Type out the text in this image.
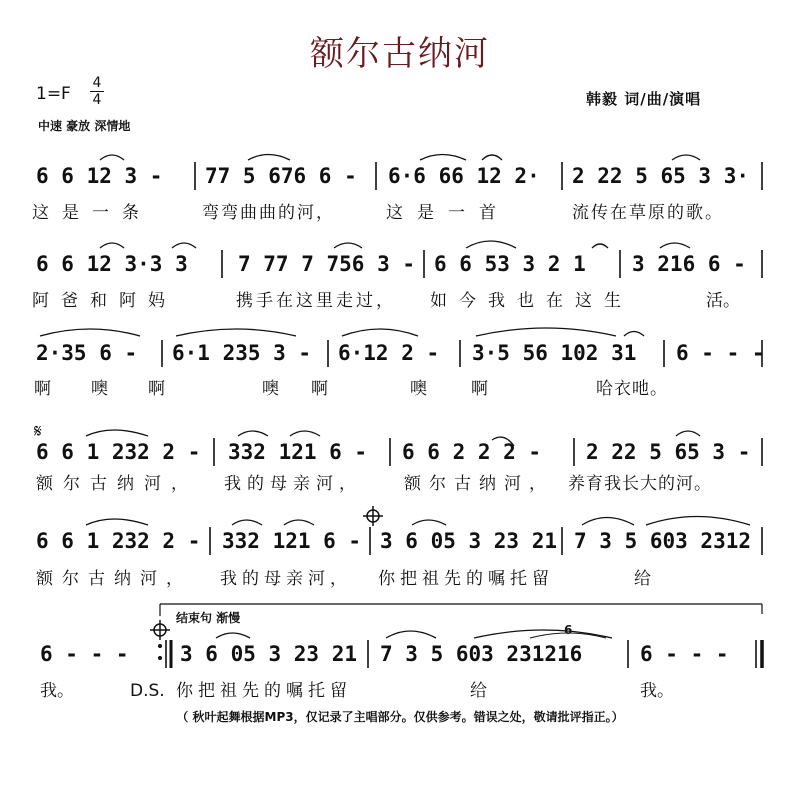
额尔古纳河
1=F
4
4
中速 豪放 深情地
韩毅 词/曲/演唱
6 6 12 3 - 77 5 676 6 - 6·6 66 12 2· 2 22 5 65 3 3·
这是一条	弯弯曲曲的河，	这是一首	流传在草原的歌。
6 6 12 3·3 3 7 77 7 756 3 - 6 6 53 3 2 1 3 216 6 -
阿爸和阿妈	携手在这里走过， 如今我也在这生	活。
2·35 6 - 6·1 235 3 - 6·12 2 - 3·5 56 102 31 6 - - -
啊噢啊	噢啊	噢啊	哈衣吔。
𝄋
6 6 1 232 2 - 332 121 6 - 6 6 2 2 2 - 2 22 5 65 3 -
额尔古纳河， 我的母亲河， 额尔古纳河， 养育我长大的河。
6 6 1 232 2 - 332 121 6 - 3 6 05 3 23 21 7 3 5 603 2312
额尔古纳河， 我的母亲河， 你把祖先的嘱托留	给
结束句 渐慢
6 - - - 3 6 05 3 23 21 7 3 5 603 231216	6 - - -
6
我。	D.S. 你把祖先的嘱托留	给	我。
（ 秋叶起舞根据MP3，仅记录了主唱部分。仅供参考。错误之处，敬请批评指正。）
